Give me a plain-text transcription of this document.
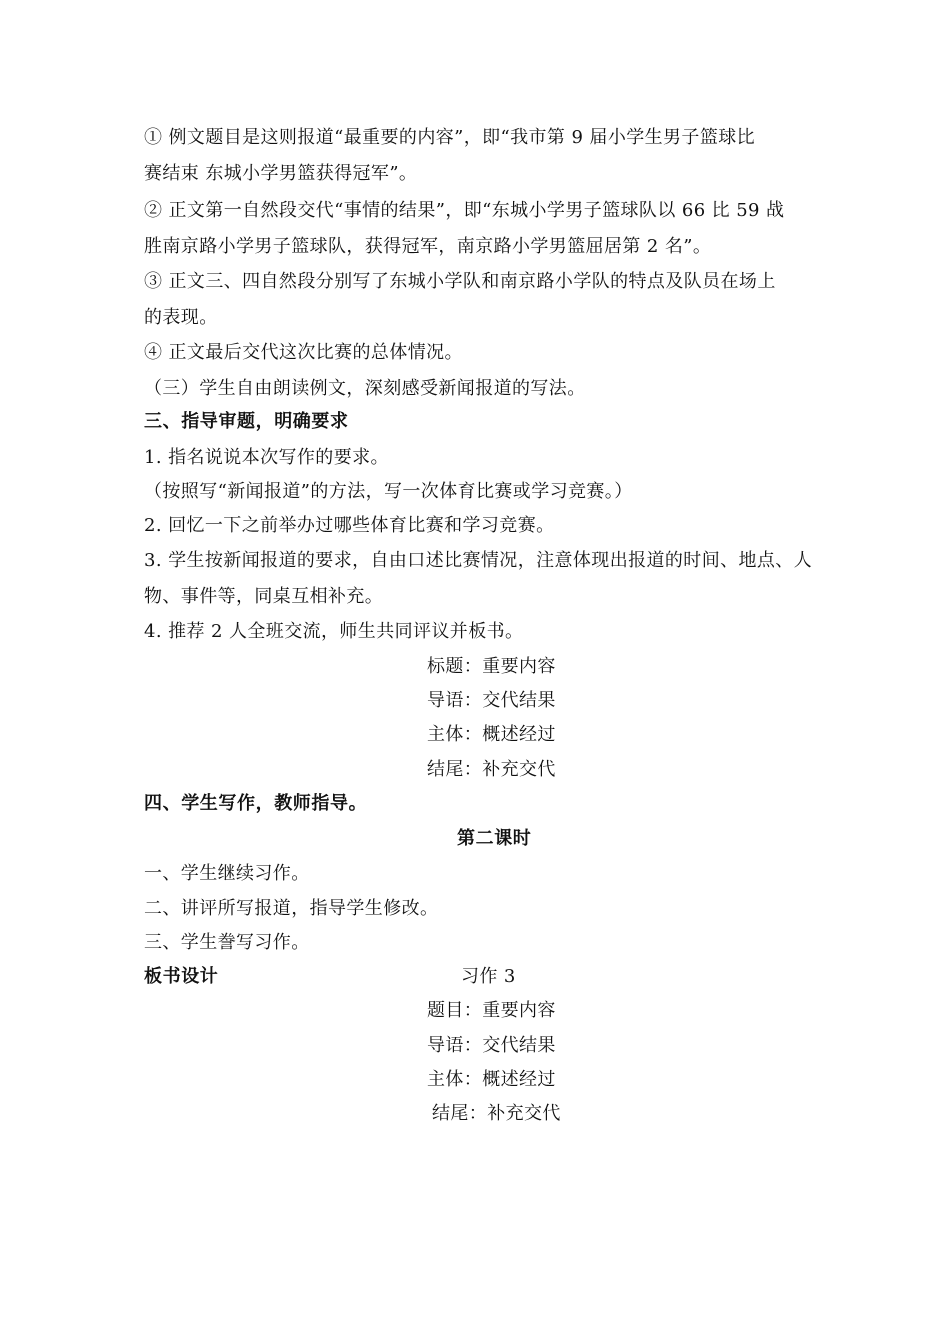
① 例文题目是这则报道“最重要的内容”，即“我市第 9 届小学生男子篮球比
赛结束 东城小学男篮获得冠军”。
② 正文第一自然段交代“事情的结果”，即“东城小学男子篮球队以 66 比 59 战
胜南京路小学男子篮球队，获得冠军，南京路小学男篮屈居第 2 名”。
③ 正文三、四自然段分别写了东城小学队和南京路小学队的特点及队员在场上
的表现。
④ 正文最后交代这次比赛的总体情况。
（三）学生自由朗读例文，深刻感受新闻报道的写法。
三、指导审题，明确要求
1. 指名说说本次写作的要求。
（按照写“新闻报道”的方法，写一次体育比赛或学习竞赛。）
2. 回忆一下之前举办过哪些体育比赛和学习竞赛。
3. 学生按新闻报道的要求，自由口述比赛情况，注意体现出报道的时间、地点、人
物、事件等，同桌互相补充。
4. 推荐 2 人全班交流，师生共同评议并板书。
标题：重要内容
导语：交代结果
主体：概述经过
结尾：补充交代
四、学生写作，教师指导。
第二课时
一、学生继续习作。
二、讲评所写报道，指导学生修改。
三、学生誊写习作。
板书设计	习作 3
题目：重要内容
导语：交代结果
主体：概述经过
结尾：补充交代
